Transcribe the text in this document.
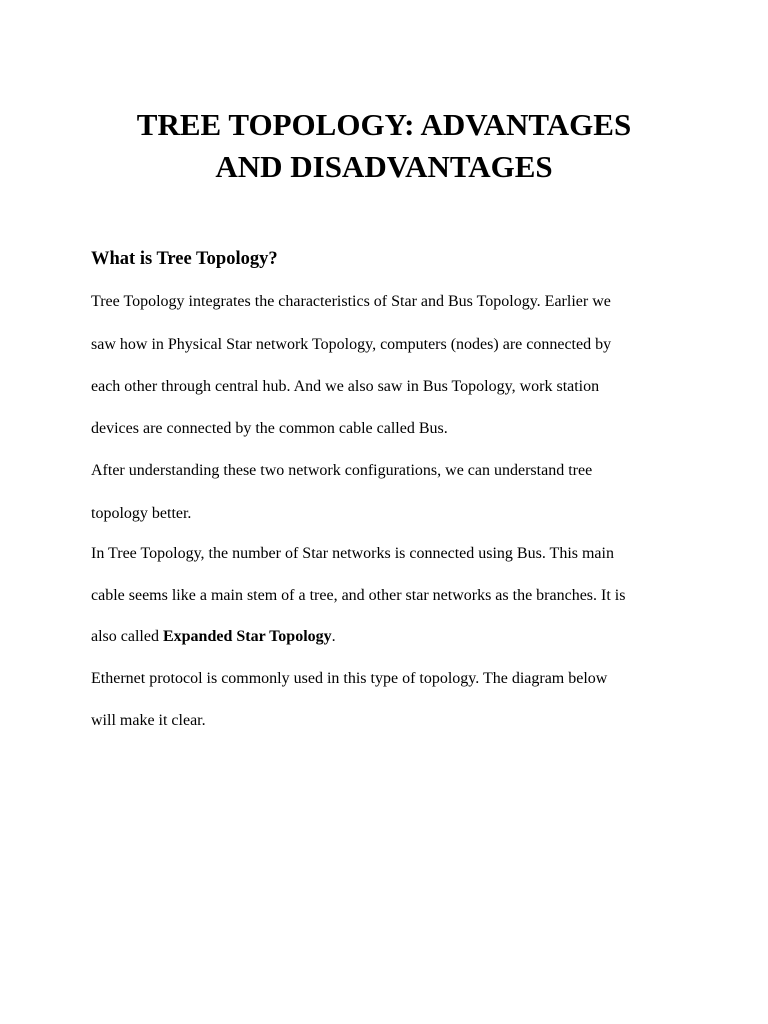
TREE TOPOLOGY: ADVANTAGES
AND DISADVANTAGES
What is Tree Topology?

Tree Topology integrates the characteristics of Star and Bus Topology. Earlier we

saw how in Physical Star network Topology, computers (nodes) are connected by

each other through central hub. And we also saw in Bus Topology, work station

devices are connected by the common cable called Bus.

After understanding these two network configurations, we can understand tree

topology better.

In Tree Topology, the number of Star networks is connected using Bus. This main

cable seems like a main stem of a tree, and other star networks as the branches. It is

also called Expanded Star Topology.

Ethernet protocol is commonly used in this type of topology. The diagram below

will make it clear.
